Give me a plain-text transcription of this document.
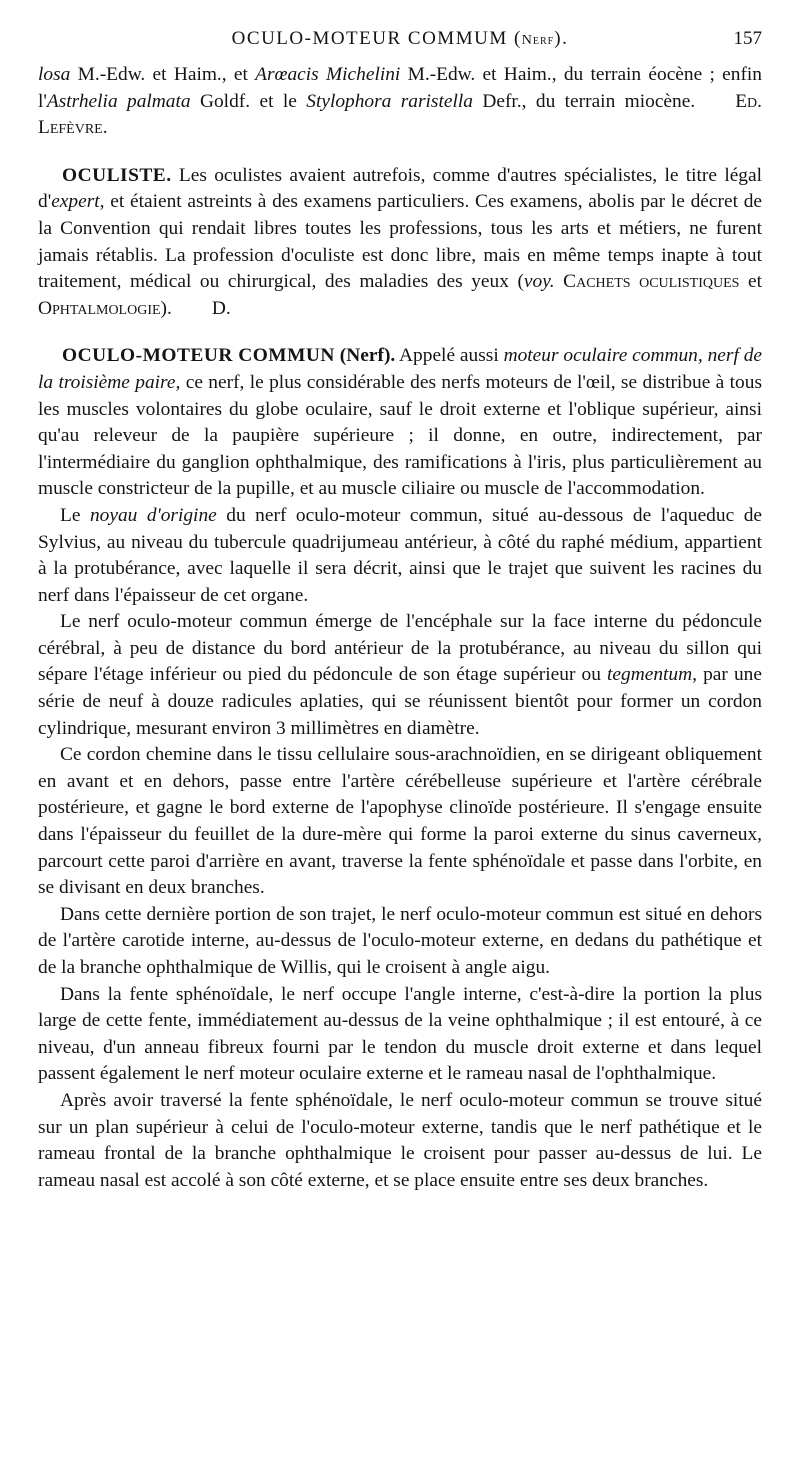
OCULO-MOTEUR COMMUM (Nerf).	157

losa M.-Edw. et Haim., et Arœacis Michelini M.-Edw. et Haim., du terrain éocène ; enfin l'Astrhelia palmata Goldf. et le Stylophora raristella Defr., du terrain miocène. Ed. Lefèvre.

OCULISTE. Les oculistes avaient autrefois, comme d'autres spécialistes, le titre légal d'expert, et étaient astreints à des examens particuliers. Ces examens, abolis par le décret de la Convention qui rendait libres toutes les professions, tous les arts et métiers, ne furent jamais rétablis. La profession d'oculiste est donc libre, mais en même temps inapte à tout traitement, médical ou chirurgical, des maladies des yeux (voy. Cachets oculistiques et Ophtalmologie). D.

OCULO-MOTEUR COMMUN (Nerf). Appelé aussi moteur oculaire commun, nerf de la troisième paire, ce nerf, le plus considérable des nerfs moteurs de l'œil, se distribue à tous les muscles volontaires du globe oculaire, sauf le droit externe et l'oblique supérieur, ainsi qu'au releveur de la paupière supérieure ; il donne, en outre, indirectement, par l'intermédiaire du ganglion ophthalmique, des ramifications à l'iris, plus particulièrement au muscle constricteur de la pupille, et au muscle ciliaire ou muscle de l'accommodation.

Le noyau d'origine du nerf oculo-moteur commun, situé au-dessous de l'aqueduc de Sylvius, au niveau du tubercule quadrijumeau antérieur, à côté du raphé médium, appartient à la protubérance, avec laquelle il sera décrit, ainsi que le trajet que suivent les racines du nerf dans l'épaisseur de cet organe.

Le nerf oculo-moteur commun émerge de l'encéphale sur la face interne du pédoncule cérébral, à peu de distance du bord antérieur de la protubérance, au niveau du sillon qui sépare l'étage inférieur ou pied du pédoncule de son étage supérieur ou tegmentum, par une série de neuf à douze radicules aplaties, qui se réunissent bientôt pour former un cordon cylindrique, mesurant environ 3 millimètres en diamètre.

Ce cordon chemine dans le tissu cellulaire sous-arachnoïdien, en se dirigeant obliquement en avant et en dehors, passe entre l'artère cérébelleuse supérieure et l'artère cérébrale postérieure, et gagne le bord externe de l'apophyse clinoïde postérieure. Il s'engage ensuite dans l'épaisseur du feuillet de la dure-mère qui forme la paroi externe du sinus caverneux, parcourt cette paroi d'arrière en avant, traverse la fente sphénoïdale et passe dans l'orbite, en se divisant en deux branches.

Dans cette dernière portion de son trajet, le nerf oculo-moteur commun est situé en dehors de l'artère carotide interne, au-dessus de l'oculo-moteur externe, en dedans du pathétique et de la branche ophthalmique de Willis, qui le croisent à angle aigu.

Dans la fente sphénoïdale, le nerf occupe l'angle interne, c'est-à-dire la portion la plus large de cette fente, immédiatement au-dessus de la veine ophthalmique ; il est entouré, à ce niveau, d'un anneau fibreux fourni par le tendon du muscle droit externe et dans lequel passent également le nerf moteur oculaire externe et le rameau nasal de l'ophthalmique.

Après avoir traversé la fente sphénoïdale, le nerf oculo-moteur commun se trouve situé sur un plan supérieur à celui de l'oculo-moteur externe, tandis que le nerf pathétique et le rameau frontal de la branche ophthalmique le croisent pour passer au-dessus de lui. Le rameau nasal est accolé à son côté externe, et se place ensuite entre ses deux branches.
